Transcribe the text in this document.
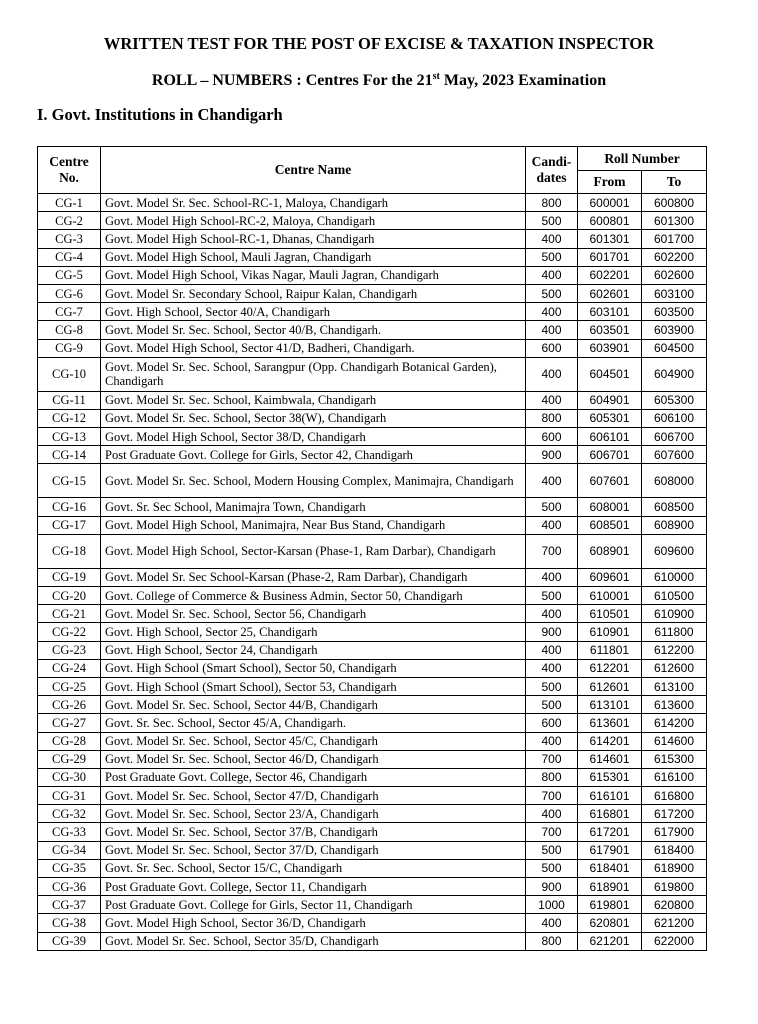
WRITTEN TEST FOR THE POST OF EXCISE & TAXATION INSPECTOR
ROLL – NUMBERS : Centres For the 21st May, 2023 Examination
I. Govt. Institutions in Chandigarh
Centre No.	Centre Name	Candi-dates	Roll Number	
			From	To
CG-1	Govt. Model Sr. Sec. School-RC-1, Maloya, Chandigarh	800	600001	600800
CG-2	Govt. Model High School-RC-2, Maloya, Chandigarh	500	600801	601300
CG-3	Govt. Model High School-RC-1, Dhanas, Chandigarh	400	601301	601700
CG-4	Govt. Model High School, Mauli Jagran, Chandigarh	500	601701	602200
CG-5	Govt. Model High School, Vikas Nagar, Mauli Jagran, Chandigarh	400	602201	602600
CG-6	Govt. Model Sr. Secondary School, Raipur Kalan, Chandigarh	500	602601	603100
CG-7	Govt. High School, Sector 40/A, Chandigarh	400	603101	603500
CG-8	Govt. Model Sr. Sec. School, Sector 40/B, Chandigarh.	400	603501	603900
CG-9	Govt. Model High School, Sector 41/D, Badheri, Chandigarh.	600	603901	604500
CG-10	Govt. Model Sr. Sec. School, Sarangpur (Opp. Chandigarh Botanical Garden), Chandigarh	400	604501	604900
CG-11	Govt. Model Sr. Sec. School, Kaimbwala, Chandigarh	400	604901	605300
CG-12	Govt. Model Sr. Sec. School, Sector 38(W), Chandigarh	800	605301	606100
CG-13	Govt. Model High School, Sector 38/D, Chandigarh	600	606101	606700
CG-14	Post Graduate Govt. College for Girls, Sector 42, Chandigarh	900	606701	607600
CG-15	Govt. Model Sr. Sec. School, Modern Housing Complex, Manimajra, Chandigarh	400	607601	608000
CG-16	Govt. Sr. Sec School, Manimajra Town, Chandigarh	500	608001	608500
CG-17	Govt. Model High School, Manimajra, Near Bus Stand, Chandigarh	400	608501	608900
CG-18	Govt. Model High School, Sector-Karsan (Phase-1, Ram Darbar), Chandigarh	700	608901	609600
CG-19	Govt. Model Sr. Sec School-Karsan (Phase-2, Ram Darbar), Chandigarh	400	609601	610000
CG-20	Govt. College of Commerce & Business Admin, Sector 50, Chandigarh	500	610001	610500
CG-21	Govt. Model Sr. Sec. School, Sector 56, Chandigarh	400	610501	610900
CG-22	Govt. High School, Sector 25, Chandigarh	900	610901	611800
CG-23	Govt. High School, Sector 24, Chandigarh	400	611801	612200
CG-24	Govt. High School (Smart School), Sector 50, Chandigarh	400	612201	612600
CG-25	Govt. High School (Smart School), Sector 53, Chandigarh	500	612601	613100
CG-26	Govt. Model Sr. Sec. School, Sector 44/B, Chandigarh	500	613101	613600
CG-27	Govt. Sr. Sec. School, Sector 45/A, Chandigarh.	600	613601	614200
CG-28	Govt. Model Sr. Sec. School, Sector 45/C, Chandigarh	400	614201	614600
CG-29	Govt. Model Sr. Sec. School, Sector 46/D, Chandigarh	700	614601	615300
CG-30	Post Graduate Govt. College, Sector 46, Chandigarh	800	615301	616100
CG-31	Govt. Model Sr. Sec. School, Sector 47/D, Chandigarh	700	616101	616800
CG-32	Govt. Model Sr. Sec. School, Sector 23/A, Chandigarh	400	616801	617200
CG-33	Govt. Model Sr. Sec. School, Sector 37/B, Chandigarh	700	617201	617900
CG-34	Govt. Model Sr. Sec. School, Sector 37/D, Chandigarh	500	617901	618400
CG-35	Govt. Sr. Sec. School, Sector 15/C, Chandigarh	500	618401	618900
CG-36	Post Graduate Govt. College, Sector 11, Chandigarh	900	618901	619800
CG-37	Post Graduate Govt. College for Girls, Sector 11, Chandigarh	1000	619801	620800
CG-38	Govt. Model High School, Sector 36/D, Chandigarh	400	620801	621200
CG-39	Govt. Model Sr. Sec. School, Sector 35/D, Chandigarh	800	621201	622000
